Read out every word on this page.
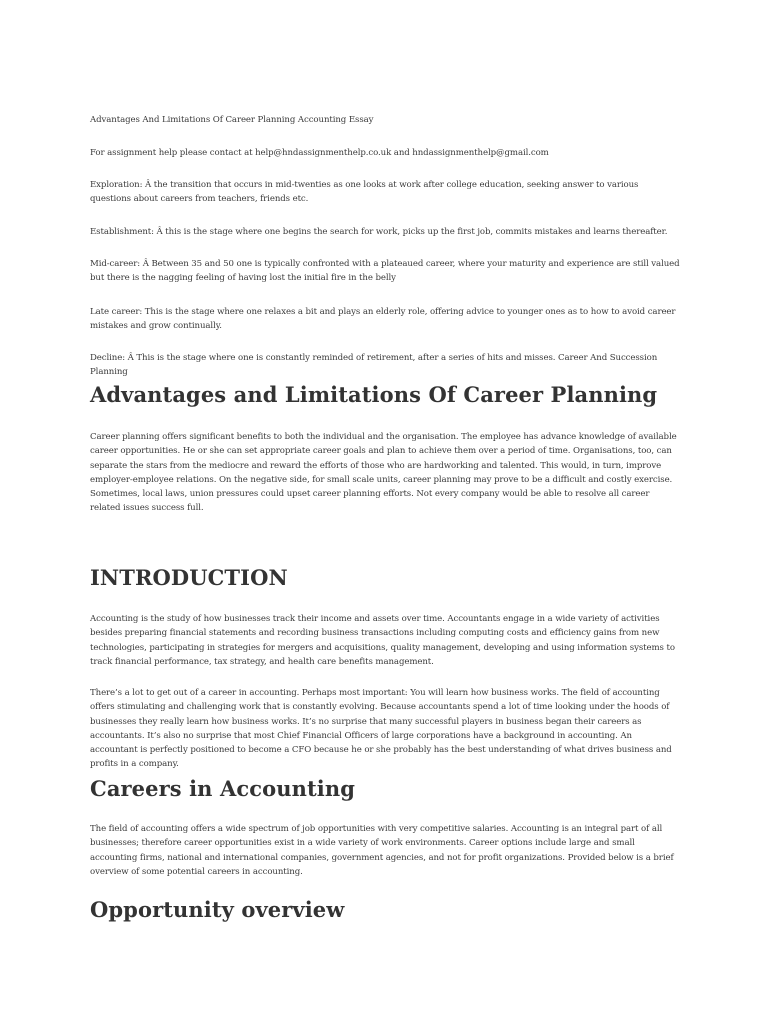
Advantages And Limitations Of Career Planning Accounting Essay

For assignment help please contact at help@hndassignmenthelp.co.uk and hndassignmenthelp@gmail.com

Exploration: Â the transition that occurs in mid-twenties as one looks at work after college education, seeking answer to various questions about careers from teachers, friends etc.

Establishment: Â this is the stage where one begins the search for work, picks up the first job, commits mistakes and learns thereafter.

Mid-career: Â Between 35 and 50 one is typically confronted with a plateaued career, where your maturity and experience are still valued but there is the nagging feeling of having lost the initial fire in the belly

Late career: This is the stage where one relaxes a bit and plays an elderly role, offering advice to younger ones as to how to avoid career mistakes and grow continually.

Decline: Â This is the stage where one is constantly reminded of retirement, after a series of hits and misses. Career And Succession Planning

Advantages and Limitations Of Career Planning

Career planning offers significant benefits to both the individual and the organisation. The employee has advance knowledge of available career opportunities. He or she can set appropriate career goals and plan to achieve them over a period of time. Organisations, too, can separate the stars from the mediocre and reward the efforts of those who are hardworking and talented. This would, in turn, improve employer-employee relations. On the negative side, for small scale units, career planning may prove to be a difficult and costly exercise. Sometimes, local laws, union pressures could upset career planning efforts. Not every company would be able to resolve all career related issues success full.

INTRODUCTION

Accounting is the study of how businesses track their income and assets over time. Accountants engage in a wide variety of activities besides preparing financial statements and recording business transactions including computing costs and efficiency gains from new technologies, participating in strategies for mergers and acquisitions, quality management, developing and using information systems to track financial performance, tax strategy, and health care benefits management.

There’s a lot to get out of a career in accounting. Perhaps most important: You will learn how business works. The field of accounting offers stimulating and challenging work that is constantly evolving. Because accountants spend a lot of time looking under the hoods of businesses they really learn how business works. It’s no surprise that many successful players in business began their careers as accountants. It’s also no surprise that most Chief Financial Officers of large corporations have a background in accounting. An accountant is perfectly positioned to become a CFO because he or she probably has the best understanding of what drives business and profits in a company.

Careers in Accounting

The field of accounting offers a wide spectrum of job opportunities with very competitive salaries. Accounting is an integral part of all businesses; therefore career opportunities exist in a wide variety of work environments. Career options include large and small accounting firms, national and international companies, government agencies, and not for profit organizations. Provided below is a brief overview of some potential careers in accounting.

Opportunity overview
